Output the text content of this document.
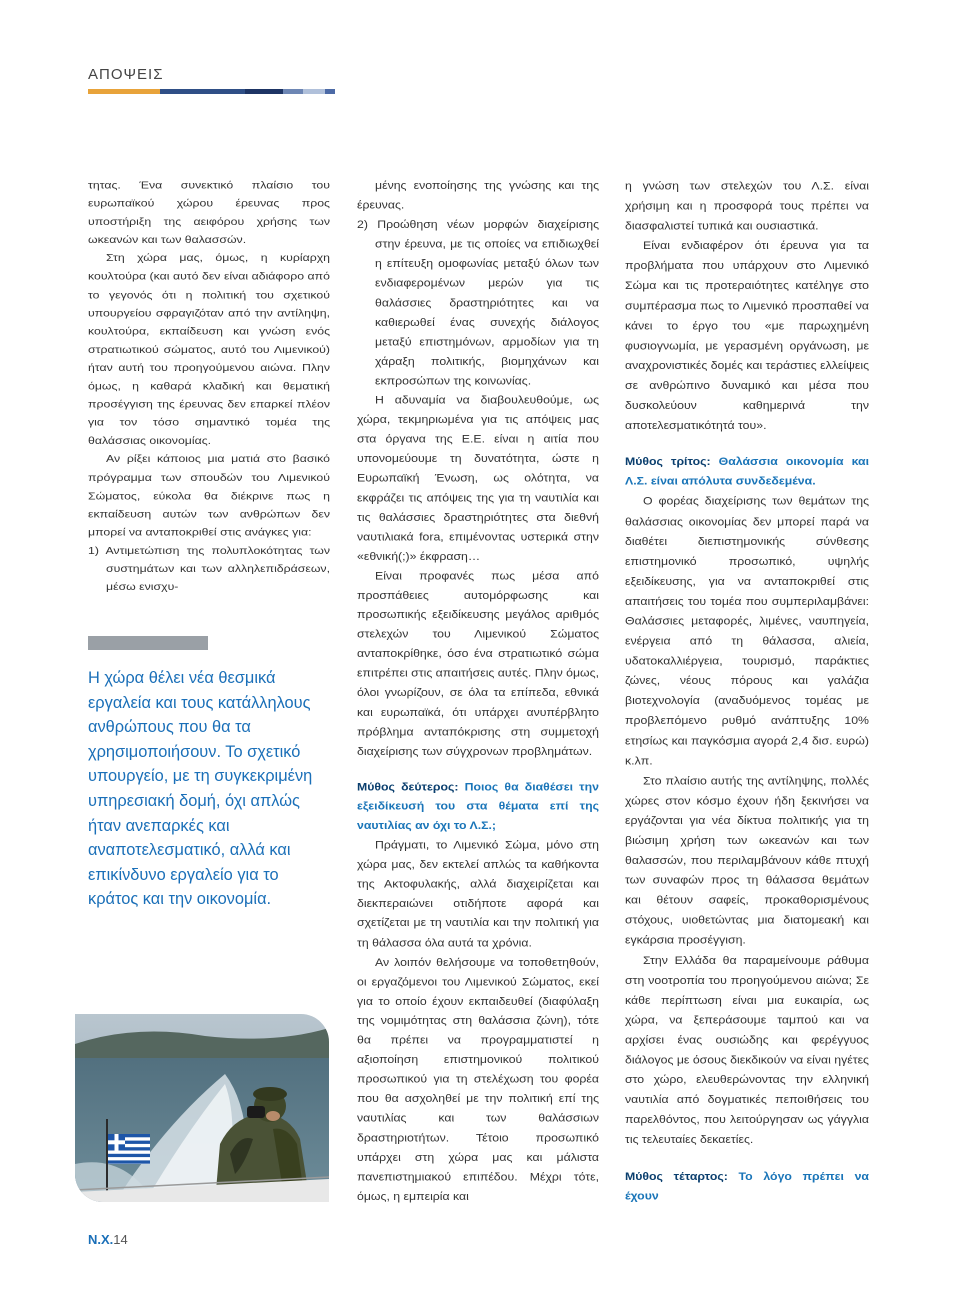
ΑΠΟΨΕΙΣ

τητας. Ένα συνεκτικό πλαίσιο του ευρωπαϊκού χώρου έρευνας προς υποστήριξη της αειφόρου χρήσης των ωκεανών και των θαλασσών.

Στη χώρα μας, όμως, η κυρίαρχη κουλτούρα (και αυτό δεν είναι αδιάφορο από το γεγονός ότι η πολιτική του σχετικού υπουργείου σφραγιζόταν από την αντίληψη, κουλτούρα, εκπαίδευση και γνώση ενός στρατιωτικού σώματος, αυτό του Λιμενικού) ήταν αυτή του προηγούμενου αιώνα. Πλην όμως, η καθαρά κλαδική και θεματική προσέγγιση της έρευνας δεν επαρκεί πλέον για τον τόσο σημαντικό τομέα της θαλάσσιας οικονομίας.

Αν ρίξει κάποιος μια ματιά στο βασικό πρόγραμμα των σπουδών του Λιμενικού Σώματος, εύκολα θα διέκρινε πως η εκπαίδευση αυτών των ανθρώπων δεν μπορεί να ανταποκριθεί στις ανάγκες για:

1) Αντιμετώπιση της πολυπλοκότητας των συστημάτων και των αλληλεπιδράσεων, μέσω ενισχυ-

Η χώρα θέλει νέα θεσμικά εργαλεία και τους κατάλληλους ανθρώπους που θα τα χρησιμοποιήσουν. Το σχετικό υπουργείο, με τη συγκεκριμένη υπηρεσιακή δομή, όχι απλώς ήταν ανεπαρκές και αναποτελεσματικό, αλλά και επικίνδυνο εργαλείο για το κράτος και την οικονομία.

μένης ενοποίησης της γνώσης και της έρευνας.

2) Προώθηση νέων μορφών διαχείρισης στην έρευνα, με τις οποίες να επιδιωχθεί η επίτευξη ομοφωνίας μεταξύ όλων των ενδιαφερομένων μερών για τις θαλάσσιες δραστηριότητες και να καθιερωθεί ένας συνεχής διάλογος μεταξύ επιστημόνων, αρμοδίων για τη χάραξη πολιτικής, βιομηχάνων και εκπροσώπων της κοινωνίας.

Η αδυναμία να διαβουλευθούμε, ως χώρα, τεκμηριωμένα για τις απόψεις μας στα όργανα της Ε.Ε. είναι η αιτία που υπονομεύουμε τη δυνατότητα, ώστε η Ευρωπαϊκή Ένωση, ως ολότητα, να εκφράζει τις απόψεις της για τη ναυτιλία και τις θαλάσσιες δραστηριότητες στα διεθνή ναυτιλιακά fora, επιμένοντας υστερικά στην «εθνική(;)» έκφραση…

Είναι προφανές πως μέσα από προσπάθειες αυτομόρφωσης και προσωπικής εξειδίκευσης μεγάλος αριθμός στελεχών του Λιμενικού Σώματος ανταποκρίθηκε, όσο ένα στρατιωτικό σώμα επιτρέπει στις απαιτήσεις αυτές. Πλην όμως, όλοι γνωρίζουν, σε όλα τα επίπεδα, εθνικά και ευρωπαϊκά, ότι υπάρχει ανυπέρβλητο πρόβλημα ανταπόκρισης στη συμμετοχή διαχείρισης των σύγχρονων προβλημάτων.

Μύθος δεύτερος: Ποιος θα διαθέσει την εξειδίκευσή του στα θέματα επί της ναυτιλίας αν όχι το Λ.Σ.;

Πράγματι, το Λιμενικό Σώμα, μόνο στη χώρα μας, δεν εκτελεί απλώς τα καθήκοντα της Ακτοφυλακής, αλλά διαχειρίζεται και διεκπεραιώνει οτιδήποτε αφορά και σχετίζεται με τη ναυτιλία και την πολιτική για τη θάλασσα όλα αυτά τα χρόνια.

Αν λοιπόν θελήσουμε να τοποθετηθούν, οι εργαζόμενοι του Λιμενικού Σώματος, εκεί για το οποίο έχουν εκπαιδευθεί (διαφύλαξη της νομιμότητας στη θαλάσσια ζώνη), τότε θα πρέπει να προγραμματιστεί η αξιοποίηση επιστημονικού πολιτικού προσωπικού για τη στελέχωση του φορέα που θα ασχοληθεί με την πολιτική επί της ναυτιλίας και των θαλάσσιων δραστηριοτήτων. Τέτοιο προσωπικό υπάρχει στη χώρα μας και μάλιστα πανεπιστημιακού επιπέδου. Μέχρι τότε, όμως, η εμπειρία και

η γνώση των στελεχών του Λ.Σ. είναι χρήσιμη και η προσφορά τους πρέπει να διασφαλιστεί τυπικά και ουσιαστικά.

Είναι ενδιαφέρον ότι έρευνα για τα προβλήματα που υπάρχουν στο Λιμενικό Σώμα και τις προτεραιότητες κατέληγε στο συμπέρασμα πως το Λιμενικό προσπαθεί να κάνει το έργο του «με παρωχημένη φυσιογνωμία, με γερασμένη οργάνωση, με αναχρονιστικές δομές και τεράστιες ελλείψεις σε ανθρώπινο δυναμικό και μέσα που δυσκολεύουν καθημερινά την αποτελεσματικότητά του».

Μύθος τρίτος: Θαλάσσια οικονομία και Λ.Σ. είναι απόλυτα συνδεδεμένα.

Ο φορέας διαχείρισης των θεμάτων της θαλάσσιας οικονομίας δεν μπορεί παρά να διαθέτει διεπιστημονικής σύνθεσης επιστημονικό προσωπικό, υψηλής εξειδίκευσης, για να ανταποκριθεί στις απαιτήσεις του τομέα που συμπεριλαμβάνει: Θαλάσσιες μεταφορές, λιμένες, ναυπηγεία, ενέργεια από τη θάλασσα, αλιεία, υδατοκαλλιέργεια, τουρισμό, παράκτιες ζώνες, νέους πόρους και γαλάζια βιοτεχνολογία (αναδυόμενος τομέας με προβλεπόμενο ρυθμό ανάπτυξης 10% ετησίως και παγκόσμια αγορά 2,4 δισ. ευρώ) κ.λπ.

Στο πλαίσιο αυτής της αντίληψης, πολλές χώρες στον κόσμο έχουν ήδη ξεκινήσει να εργάζονται για νέα δίκτυα πολιτικής για τη βιώσιμη χρήση των ωκεανών και των θαλασσών, που περιλαμβάνουν κάθε πτυχή των συναφών προς τη θάλασσα θεμάτων και θέτουν σαφείς, προκαθορισμένους στόχους, υιοθετώντας μια διατομεακή και εγκάρσια προσέγγιση.

Στην Ελλάδα θα παραμείνουμε ράθυμα στη νοοτροπία του προηγούμενου αιώνα; Σε κάθε περίπτωση είναι μια ευκαιρία, ως χώρα, να ξεπεράσουμε ταμπού και να αρχίσει ένας ουσιώδης και φερέγγυος διάλογος με όσους διεκδικούν να είναι ηγέτες στο χώρο, ελευθερώνοντας την ελληνική ναυτιλία από δογματικές πεποιθήσεις του παρελθόντος, που λειτούργησαν ως γάγγλια τις τελευταίες δεκαετίες.

Μύθος τέταρτος: Το λόγο πρέπει να έχουν

Ν.Χ.14
